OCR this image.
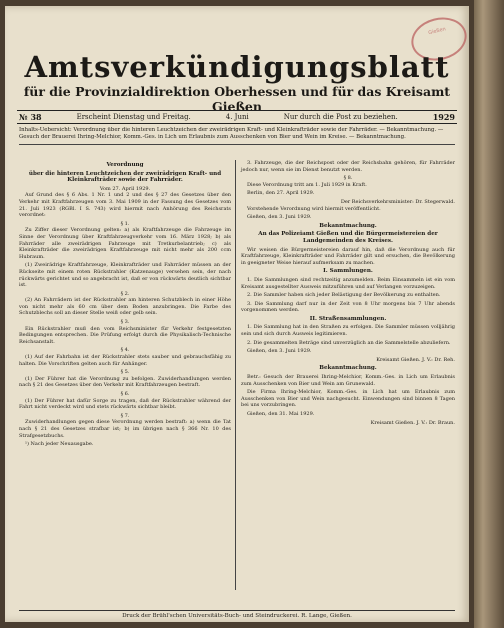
Gießen
Amtsverkündigungsblatt
für die Provinzialdirektion Oberhessen und für das Kreisamt Gießen
№ 38	Erscheint Dienstag und Freitag.	4. Juni	Nur durch die Post zu beziehen.	1929
Inhalts-Uebersicht: Verordnung über die hinteren Leuchtzeichen der zweirädrigen Kraft- und Kleinkrafträder sowie der Fahrräder. — Bekanntmachung. — Gesuch der Brauerei Ihring-Melchior, Komm.-Ges. in Lich um Erlaubnis zum Ausschenken von Bier und Wein im Kreise. — Bekanntmachung.
Verordnung
über die hinteren Leuchtzeichen der zweirädrigen Kraft- und Kleinkrafträder sowie der Fahrräder.
Vom 27. April 1929.

Auf Grund des § 6 Abs. 1 Nr. 1 und 2 und des § 27 des Gesetzes über den Verkehr mit Kraftfahrzeugen vom 3. Mai 1909 in der Fassung des Gesetzes vom 21. Juli 1923 (RGBl. I S. 743) wird hiermit nach Anhörung des Reichsrats verordnet:

§ 1.

Zu Ziffer dieser Verordnung gelten: a) als Kraftfahrzeuge die Fahrzeuge im Sinne der Verordnung über Kraftfahrzeugverkehr vom 16. März 1928; b) als Fahrräder alle zweirädrigen Fahrzeuge mit Tretkurbelantrieb; c) als Kleinkrafträder die zweirädrigen Kraftfahrzeuge mit nicht mehr als 200 ccm Hubraum.

(1) Zweirädrige Kraftfahrzeuge, Kleinkrafträder und Fahrräder müssen an der Rückseite mit einem roten Rückstrahler (Katzenauge) versehen sein, der nach rückwärts gerichtet und so angebracht ist, daß er von rückwärts deutlich sichtbar ist.

§ 2.

(2) An Fahrrädern ist der Rückstrahler am hinteren Schutzblech in einer Höhe von nicht mehr als 60 cm über dem Boden anzubringen. Die Farbe des Schutzblechs soll an dieser Stelle weiß oder gelb sein.

§ 3.

Ein Rückstrahler muß den vom Reichsminister für Verkehr festgesetzten Bedingungen entsprechen. Die Prüfung erfolgt durch die Physikalisch-Technische Reichsanstalt.

§ 4.

(1) Auf der Fahrbahn ist der Rückstrahler stets sauber und gebrauchsfähig zu halten. Die Vorschriften gelten auch für Anhänger.

§ 5.

(1) Der Führer hat die Verordnung zu befolgen. Zuwiderhandlungen werden nach § 21 des Gesetzes über den Verkehr mit Kraftfahrzeugen bestraft.

§ 6.

(1) Der Führer hat dafür Sorge zu tragen, daß der Rückstrahler während der Fahrt nicht verdeckt wird und stets rückwärts sichtbar bleibt.

§ 7.

Zuwiderhandlungen gegen diese Verordnung werden bestraft: a) wenn die Tat nach § 21 des Gesetzes strafbar ist; b) im übrigen nach § 366 Nr. 10 des Strafgesetzbuchs.

¹) Nach jeder Neuausgabe.

3. Fahrzeuge, die der Reichspost oder der Reichsbahn gehören, für Fahrräder jedoch nur, wenn sie im Dienst benutzt werden.

§ 8.

Diese Verordnung tritt am 1. Juli 1929 in Kraft.

Berlin, den 27. April 1929.

Der Reichsverkehrsminister: Dr. Stegerwald.

Vorstehende Verordnung wird hiermit veröffentlicht.

Gießen, den 3. Juni 1929.

Bekanntmachung.
An das Polizeiamt Gießen und die Bürgermeistereien der Landgemeinden des Kreises.

Wir weisen die Bürgermeistereien darauf hin, daß die Verordnung auch für Kraftfahrzeuge, Kleinkrafträder und Fahrräder gilt und ersuchen, die Bevölkerung in geeigneter Weise hierauf aufmerksam zu machen.

I. Sammlungen.

1. Die Sammlungen sind rechtzeitig anzumelden. Beim Einsammeln ist ein vom Kreisamt ausgestellter Ausweis mitzuführen und auf Verlangen vorzuzeigen.

2. Die Sammler haben sich jeder Belästigung der Bevölkerung zu enthalten.

3. Die Sammlung darf nur in der Zeit von 8 Uhr morgens bis 7 Uhr abends vorgenommen werden.

II. Straßensammlungen.

1. Die Sammlung hat in den Straßen zu erfolgen. Die Sammler müssen volljährig sein und sich durch Ausweis legitimieren.

2. Die gesammelten Beträge sind unverzüglich an die Sammelstelle abzuliefern.

Gießen, den 3. Juni 1929.

Kreisamt Gießen. J. V.: Dr. Reh.
Bekanntmachung.

Betr.: Gesuch der Brauerei Ihring-Melchior, Komm.-Ges. in Lich um Erlaubnis zum Ausschenken von Bier und Wein am Grunewald.

Die Firma Ihring-Melchior, Komm.-Ges. in Lich hat um Erlaubnis zum Ausschenken von Bier und Wein nachgesucht. Einwendungen sind binnen 8 Tagen bei uns vorzubringen.

Gießen, den 31. Mai 1929.

Kreisamt Gießen. J. V.: Dr. Braun.
Druck der Brühl'schen Universitäts-Buch- und Steindruckerei. R. Lange, Gießen.
